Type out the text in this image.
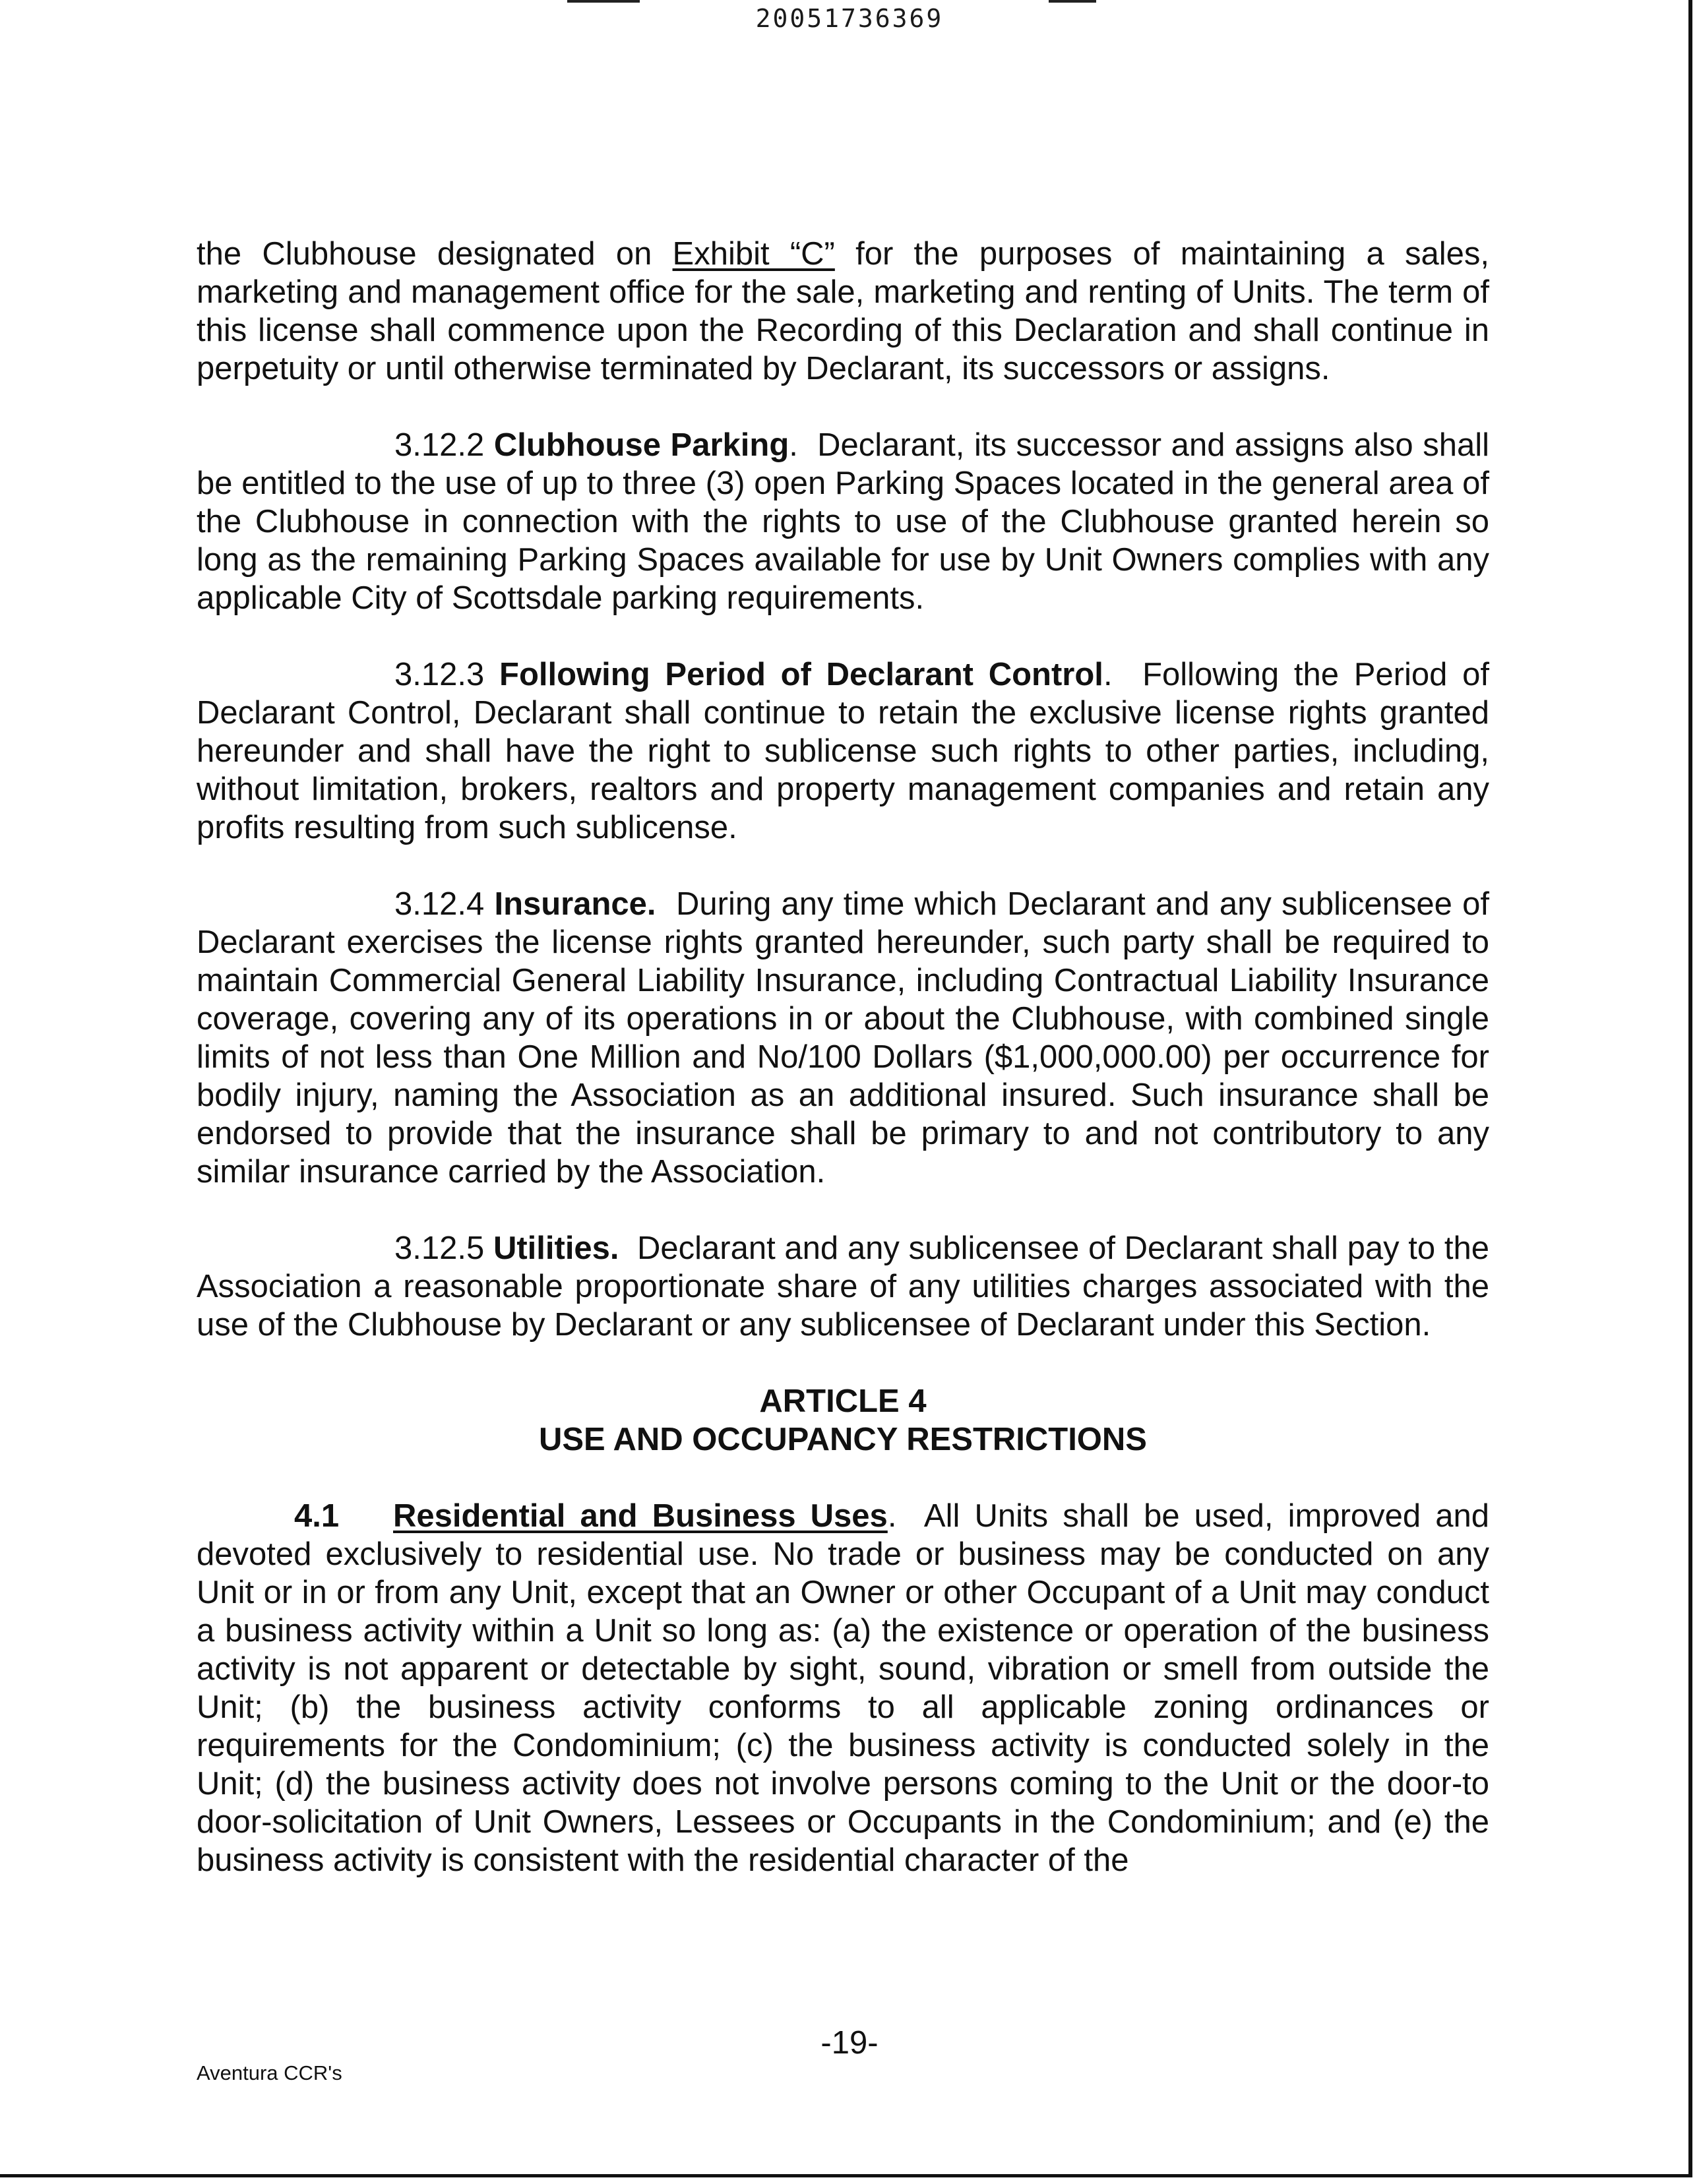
20051736369

the Clubhouse designated on Exhibit “C” for the purposes of maintaining a sales, marketing and management office for the sale, marketing and renting of Units. The term of this license shall commence upon the Recording of this Declaration and shall continue in perpetuity or until otherwise terminated by Declarant, its successors or assigns.

3.12.2 Clubhouse Parking. Declarant, its successor and assigns also shall be entitled to the use of up to three (3) open Parking Spaces located in the general area of the Clubhouse in connection with the rights to use of the Clubhouse granted herein so long as the remaining Parking Spaces available for use by Unit Owners complies with any applicable City of Scottsdale parking requirements.

3.12.3 Following Period of Declarant Control. Following the Period of Declarant Control, Declarant shall continue to retain the exclusive license rights granted hereunder and shall have the right to sublicense such rights to other parties, including, without limitation, brokers, realtors and property management companies and retain any profits resulting from such sublicense.

3.12.4 Insurance. During any time which Declarant and any sublicensee of Declarant exercises the license rights granted hereunder, such party shall be required to maintain Commercial General Liability Insurance, including Contractual Liability Insurance coverage, covering any of its operations in or about the Clubhouse, with combined single limits of not less than One Million and No/100 Dollars ($1,000,000.00) per occurrence for bodily injury, naming the Association as an additional insured. Such insurance shall be endorsed to provide that the insurance shall be primary to and not contributory to any similar insurance carried by the Association.

3.12.5 Utilities. Declarant and any sublicensee of Declarant shall pay to the Association a reasonable proportionate share of any utilities charges associated with the use of the Clubhouse by Declarant or any sublicensee of Declarant under this Section.

ARTICLE 4
USE AND OCCUPANCY RESTRICTIONS

4.1 Residential and Business Uses. All Units shall be used, improved and devoted exclusively to residential use. No trade or business may be conducted on any Unit or in or from any Unit, except that an Owner or other Occupant of a Unit may conduct a business activity within a Unit so long as: (a) the existence or operation of the business activity is not apparent or detectable by sight, sound, vibration or smell from outside the Unit; (b) the business activity conforms to all applicable zoning ordinances or requirements for the Condominium; (c) the business activity is conducted solely in the Unit; (d) the business activity does not involve persons coming to the Unit or the door-to door-solicitation of Unit Owners, Lessees or Occupants in the Condominium; and (e) the business activity is consistent with the residential character of the

-19-
Aventura CCR's
